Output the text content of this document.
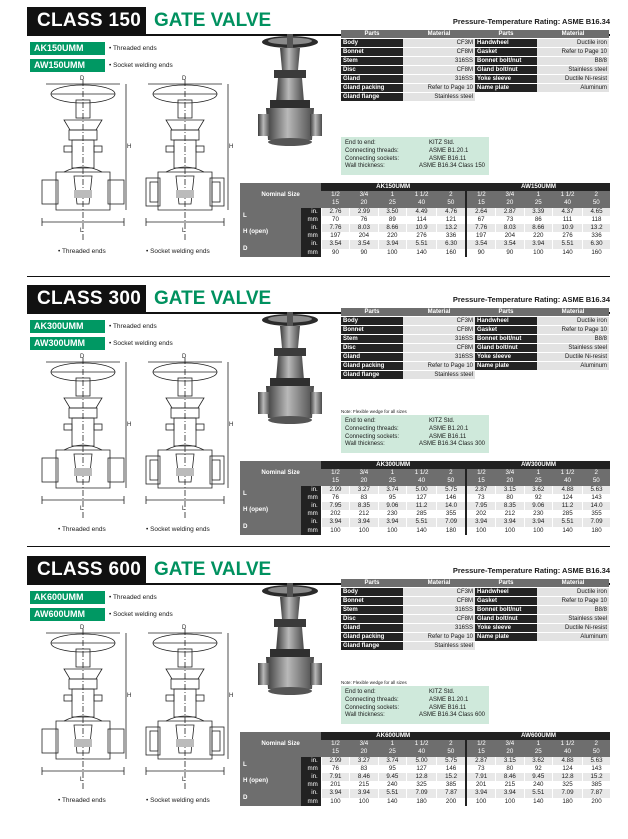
CLASS 150 GATE VALVE	Pressure-Temperature Rating: ASME B16.34
AK150UMM	• Threaded ends
AW150UMM	• Socket welding ends
D
H
L
D
H
L
• Threaded ends	• Socket welding ends
Parts	Material	Parts	Material
Body	CF3M	Handwheel	Ductile iron
Bonnet	CF8M	Gasket	Refer to Page 10
Stem	316SS	Bonnet bolt/nut	B8/8
Disc	CF8M	Gland bolt/nut	Stainless steel
Gland	316SS	Yoke sleeve	Ductile Ni-resist
Gland packing	Refer to Page 10	Name plate	Aluminum
Gland flange	Stainless steel		
End to end:	KITZ Std.
Connecting threads:	ASME B1.20.1
Connecting sockets:	ASME B16.11
Wall thickness:	ASME B16.34 Class 150
Nominal Size		AK150UMM					AW150UMM				
		1/2	3/4	1	1 1/2	2	1/2	3/4	1	1 1/2	2
		15	20	25	40	50	15	20	25	40	50
L	in.	2.76	2.99	3.50	4.49	4.76	2.64	2.87	3.39	4.37	4.65
	mm	70	76	89	114	121	67	73	86	111	118
H (open)	in.	7.76	8.03	8.66	10.9	13.2	7.76	8.03	8.66	10.9	13.2
	mm	197	204	220	276	336	197	204	220	276	336
D	in.	3.54	3.54	3.94	5.51	6.30	3.54	3.54	3.94	5.51	6.30
	mm	90	90	100	140	160	90	90	100	140	160
CLASS 300 GATE VALVE	Pressure-Temperature Rating: ASME B16.34
AK300UMM	• Threaded ends
AW300UMM	• Socket welding ends
D
H
L
D
H
L
• Threaded ends	• Socket welding ends
Parts	Material	Parts	Material
Body	CF3M	Handwheel	Ductile iron
Bonnet	CF8M	Gasket	Refer to Page 10
Stem	316SS	Bonnet bolt/nut	B8/8
Disc	CF8M	Gland bolt/nut	Stainless steel
Gland	316SS	Yoke sleeve	Ductile Ni-resist
Gland packing	Refer to Page 10	Name plate	Aluminum
Gland flange	Stainless steel		
Note: Flexible wedge for all sizes
End to end:	KITZ Std.
Connecting threads:	ASME B1.20.1
Connecting sockets:	ASME B16.11
Wall thickness:	ASME B16.34 Class 300
Nominal Size		AK300UMM					AW300UMM				
		1/2	3/4	1	1 1/2	2	1/2	3/4	1	1 1/2	2
		15	20	25	40	50	15	20	25	40	50
L	in.	2.99	3.27	3.74	5.00	5.75	2.87	3.15	3.62	4.88	5.63
	mm	76	83	95	127	146	73	80	92	124	143
H (open)	in.	7.95	8.35	9.06	11.2	14.0	7.95	8.35	9.06	11.2	14.0
	mm	202	212	230	285	355	202	212	230	285	355
D	in.	3.94	3.94	3.94	5.51	7.09	3.94	3.94	3.94	5.51	7.09
	mm	100	100	100	140	180	100	100	100	140	180
CLASS 600 GATE VALVE	Pressure-Temperature Rating: ASME B16.34
AK600UMM	• Threaded ends
AW600UMM	• Socket welding ends
D
H
L
D
H
L
• Threaded ends	• Socket welding ends
Parts	Material	Parts	Material
Body	CF3M	Handwheel	Ductile iron
Bonnet	CF8M	Gasket	Refer to Page 10
Stem	316SS	Bonnet bolt/nut	B8/8
Disc	CF8M	Gland bolt/nut	Stainless steel
Gland	316SS	Yoke sleeve	Ductile Ni-resist
Gland packing	Refer to Page 10	Name plate	Aluminum
Gland flange	Stainless steel		
Note: Flexible wedge for all sizes
End to end:	KITZ Std.
Connecting threads:	ASME B1.20.1
Connecting sockets:	ASME B16.11
Wall thickness:	ASME B16.34 Class 600
Nominal Size		AK600UMM					AW600UMM				
		1/2	3/4	1	1 1/2	2	1/2	3/4	1	1 1/2	2
		15	20	25	40	50	15	20	25	40	50
L	in.	2.99	3.27	3.74	5.00	5.75	2.87	3.15	3.62	4.88	5.63
	mm	76	83	95	127	146	73	80	92	124	143
H (open)	in.	7.91	8.46	9.45	12.8	15.2	7.91	8.46	9.45	12.8	15.2
	mm	201	215	240	325	385	201	215	240	325	385
D	in.	3.94	3.94	5.51	7.09	7.87	3.94	3.94	5.51	7.09	7.87
	mm	100	100	140	180	200	100	100	140	180	200
